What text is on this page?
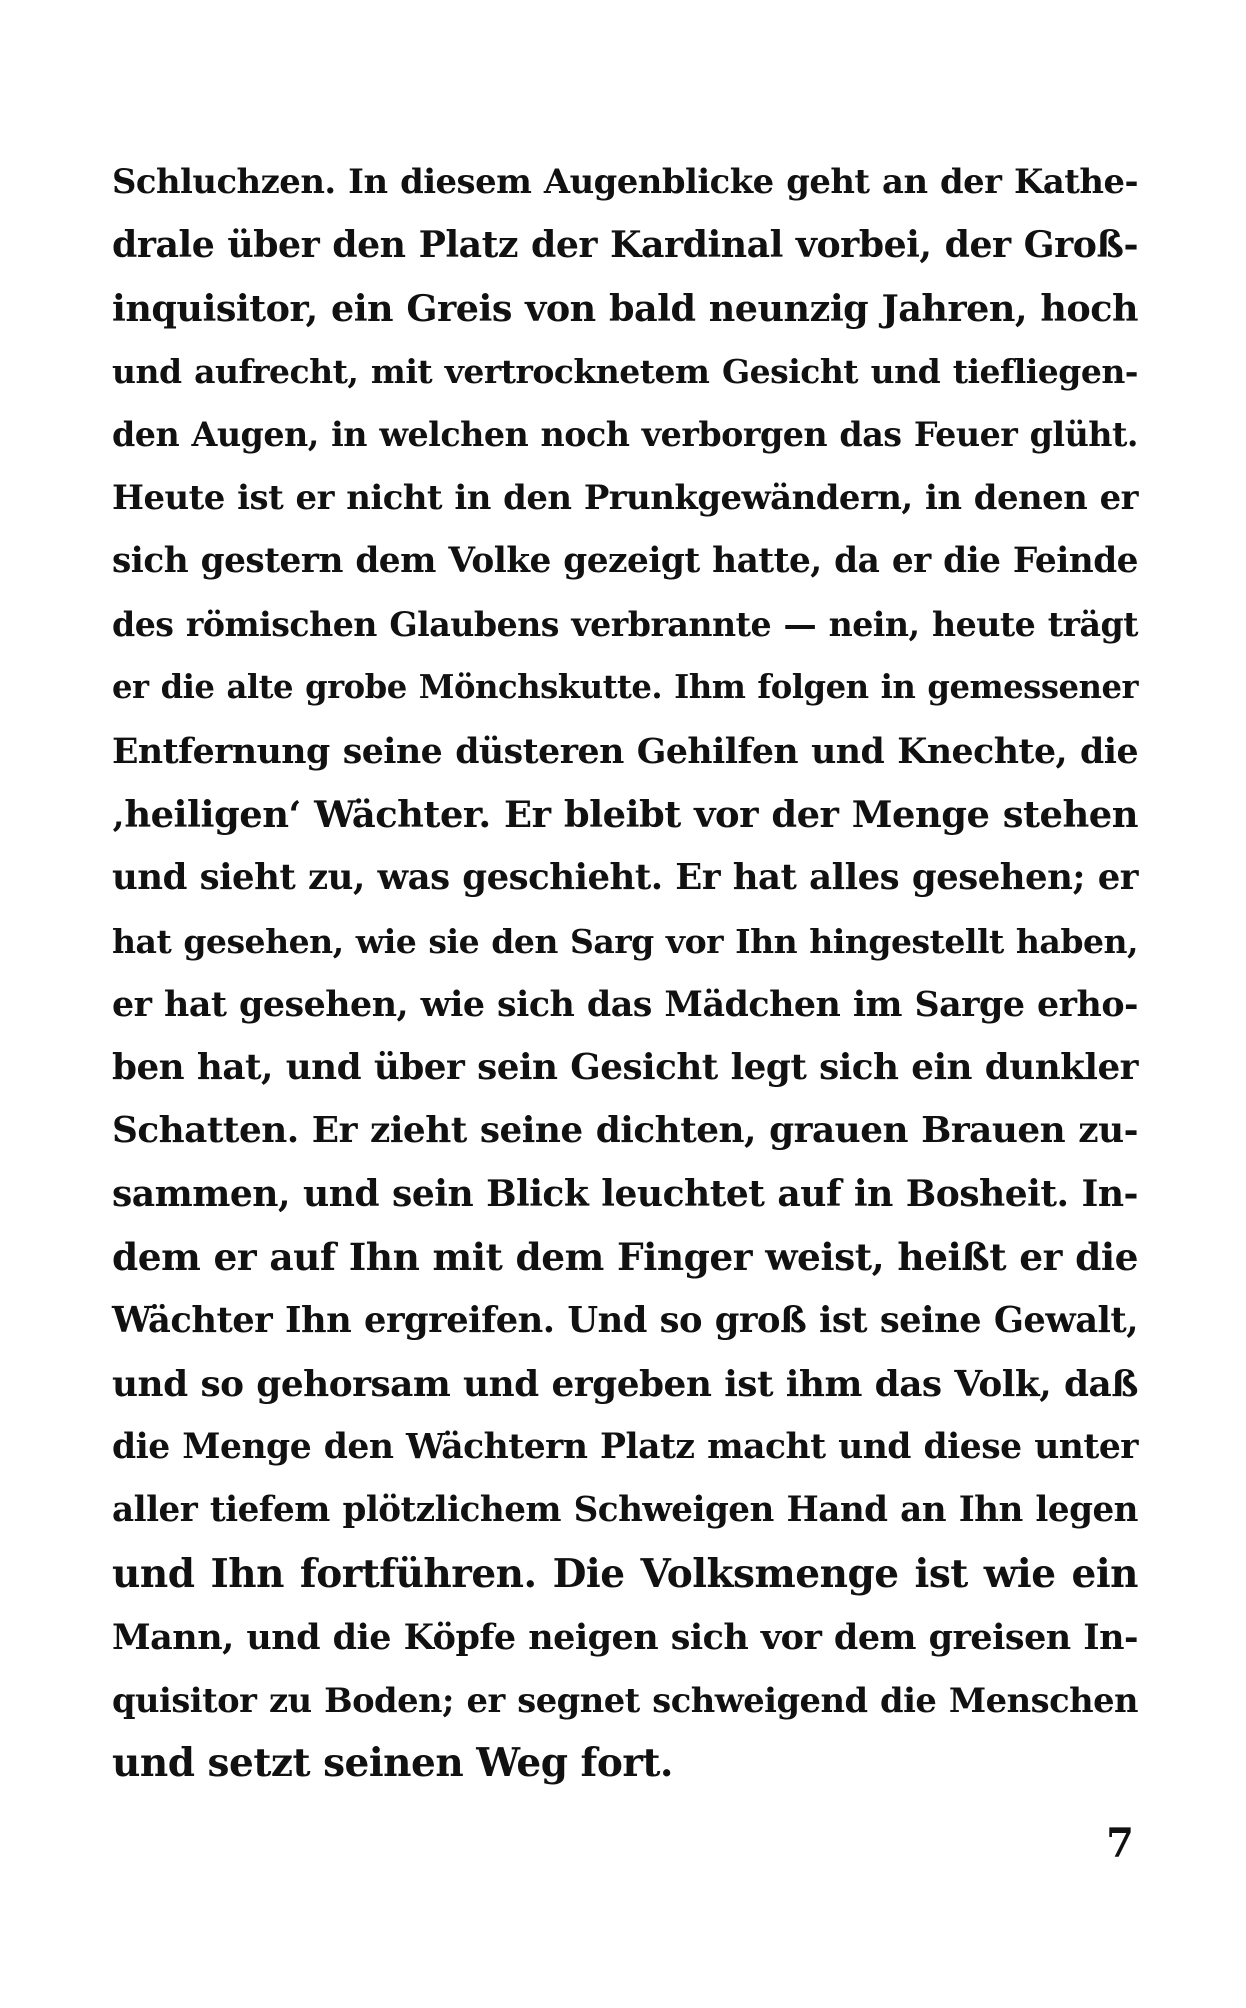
Schluchzen. In diesem Augenblicke geht an der Kathe-
drale über den Platz der Kardinal vorbei, der Groß-
inquisitor, ein Greis von bald neunzig Jahren, hoch
und aufrecht, mit vertrocknetem Gesicht und tiefliegen-
den Augen, in welchen noch verborgen das Feuer glüht.
Heute ist er nicht in den Prunkgewändern, in denen er
sich gestern dem Volke gezeigt hatte, da er die Feinde
des römischen Glaubens verbrannte — nein, heute trägt
er die alte grobe Mönchskutte. Ihm folgen in gemessener
Entfernung seine düsteren Gehilfen und Knechte, die
‚heiligen‘ Wächter. Er bleibt vor der Menge stehen
und sieht zu, was geschieht. Er hat alles gesehen; er
hat gesehen, wie sie den Sarg vor Ihn hingestellt haben,
er hat gesehen, wie sich das Mädchen im Sarge erho-
ben hat, und über sein Gesicht legt sich ein dunkler
Schatten. Er zieht seine dichten, grauen Brauen zu-
sammen, und sein Blick leuchtet auf in Bosheit. In-
dem er auf Ihn mit dem Finger weist, heißt er die
Wächter Ihn ergreifen. Und so groß ist seine Gewalt,
und so gehorsam und ergeben ist ihm das Volk, daß
die Menge den Wächtern Platz macht und diese unter
aller tiefem plötzlichem Schweigen Hand an Ihn legen
und Ihn fortführen. Die Volksmenge ist wie ein
Mann, und die Köpfe neigen sich vor dem greisen In-
quisitor zu Boden; er segnet schweigend die Menschen
und setzt seinen Weg fort.
7
